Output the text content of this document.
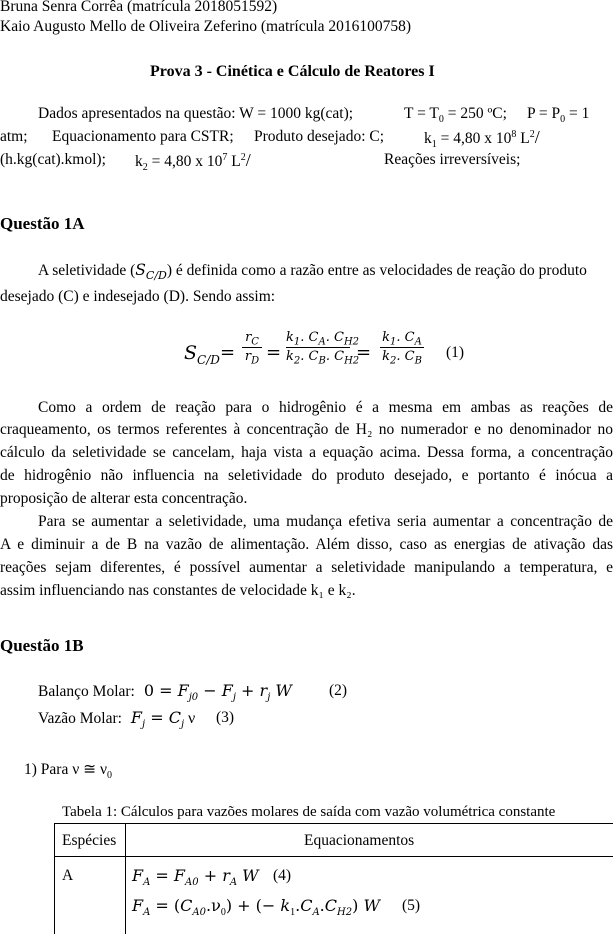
Bruna Senra Corrêa (matrícula 2018051592)
Kaio Augusto Mello de Oliveira Zeferino (matrícula 2016100758)
Prova 3 - Cinética e Cálculo de Reatores I
Dados apresentados na questão: W = 1000 kg(cat);	$T = T_0 = 250$ ºC; $P = P_0 = 1$
atm; Equacionamento para CSTR; Produto desejado: C;	$k_1 = 4,80$ x $10^8$ $L^2/$
(h.kg(cat).kmol); $k_2 = 4,80$ x $10^7$ $L^2/$	Reações irreversíveis;
Questão 1A
A seletividade $(S_{C/D})$ é definida como a razão entre as velocidades de reação do produto
desejado (C) e indesejado (D). Sendo assim:
$S_{C/D}$ =
$r_C$
$r_D$ =
$k_1$. $C_A$. $C_{H2}$
$k_2$. $C_B$. $C_{H2}$
=
$k_1$. $C_A$
$k_2$. $C_B$
(1)
Como a ordem de reação para o hidrogênio é a mesma em ambas as reações de
craqueamento, os termos referentes à concentração de H₂ no numerador e no denominador no
cálculo da seletividade se cancelam, haja vista a equação acima. Dessa forma, a concentração
de hidrogênio não influencia na seletividade do produto desejado, e portanto é inócua a
proposição de alterar esta concentração.
Para se aumentar a seletividade, uma mudança efetiva seria aumentar a concentração de
A e diminuir a de B na vazão de alimentação. Além disso, caso as energias de ativação das
reações sejam diferentes, é possível aumentar a seletividade manipulando a temperatura, e
assim influenciando nas constantes de velocidade k₁ e k₂.
Questão 1B
Balanço Molar:  $0 = F_{j0} - F_j + r_j$ W (2)
Vazão Molar:  $F_j = C_j$ ν (3)
1) Para ν ≅ $\nu_0$
Tabela 1: Cálculos para vazões molares de saída com vazão volumétrica constante
Espécies	Equacionamentos
A	$F_A = F_{A0} + r_A$ W (4)
$F_A = (C_{A0}.\nu_0)$ + (− $k_1.C_A.C_{H2}$) W (5)
